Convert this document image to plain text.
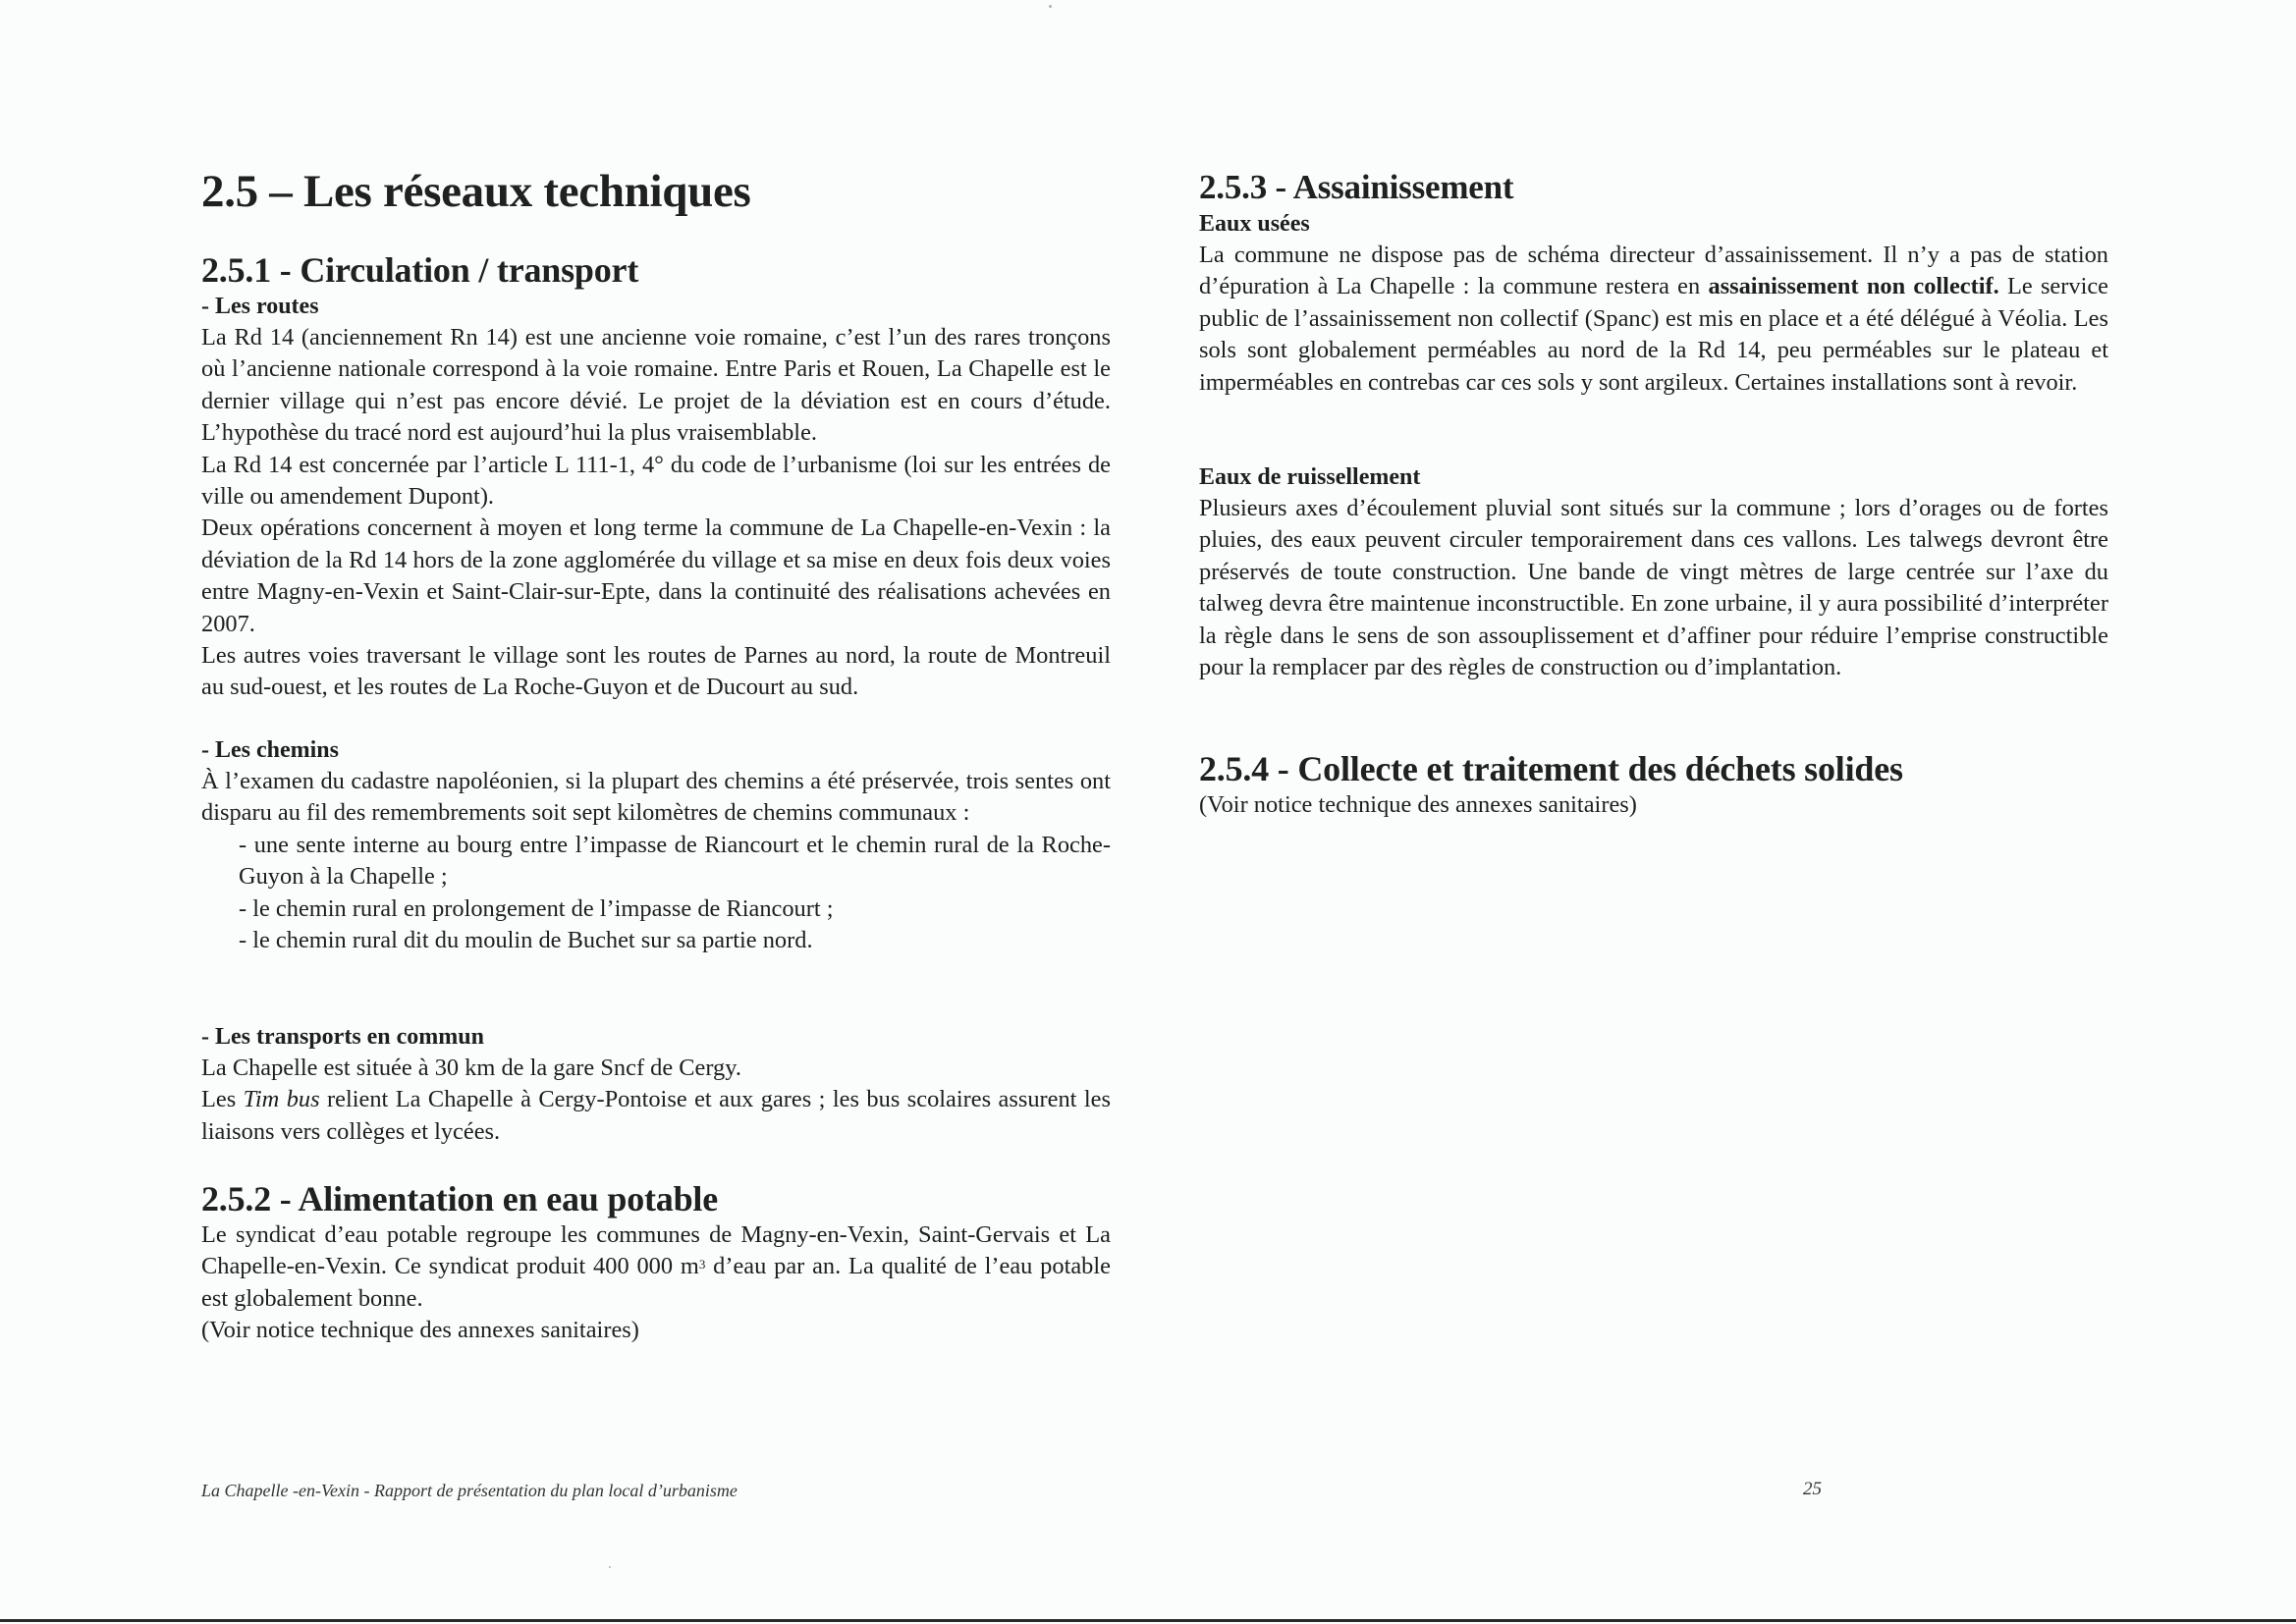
2.5 – Les réseaux techniques
2.5.1 - Circulation / transport
- Les routes

La Rd 14 (anciennement Rn 14) est une ancienne voie romaine, c’est l’un des rares tronçons où l’ancienne nationale correspond à la voie romaine. Entre Paris et Rouen, La Chapelle est le dernier village qui n’est pas encore dévié. Le projet de la déviation est en cours d’étude. L’hypothèse du tracé nord est aujourd’hui la plus vraisemblable.

La Rd 14 est concernée par l’article L 111-1, 4° du code de l’urbanisme (loi sur les entrées de ville ou amendement Dupont).

Deux opérations concernent à moyen et long terme la commune de La Chapelle-en-Vexin : la déviation de la Rd 14 hors de la zone agglomérée du village et sa mise en deux fois deux voies entre Magny-en-Vexin et Saint-Clair-sur-Epte, dans la continuité des réalisations achevées en 2007.

Les autres voies traversant le village sont les routes de Parnes au nord, la route de Montreuil au sud-ouest, et les routes de La Roche-Guyon et de Ducourt au sud.

- Les chemins

À l’examen du cadastre napoléonien, si la plupart des chemins a été préservée, trois sentes ont disparu au fil des remembrements soit sept kilomètres de chemins communaux :

- une sente interne au bourg entre l’impasse de Riancourt et le chemin rural de la Roche-Guyon à la Chapelle ;

- le chemin rural en prolongement de l’impasse de Riancourt ;

- le chemin rural dit du moulin de Buchet sur sa partie nord.

- Les transports en commun

La Chapelle est située à 30 km de la gare Sncf de Cergy.

Les Tim bus relient La Chapelle à Cergy-Pontoise et aux gares ; les bus scolaires assurent les liaisons vers collèges et lycées.

2.5.2 - Alimentation en eau potable

Le syndicat d’eau potable regroupe les communes de Magny-en-Vexin, Saint-Gervais et La Chapelle-en-Vexin. Ce syndicat produit 400 000 $m^3$ d’eau par an. La qualité de l’eau potable est globalement bonne.

(Voir notice technique des annexes sanitaires)

2.5.3 - Assainissement
Eaux usées

La commune ne dispose pas de schéma directeur d’assainissement. Il n’y a pas de station d’épuration à La Chapelle : la commune restera en assainissement non collectif. Le service public de l’assainissement non collectif (Spanc) est mis en place et a été délégué à Véolia. Les sols sont globalement perméables au nord de la Rd 14, peu perméables sur le plateau et imperméables en contrebas car ces sols y sont argileux. Certaines installations sont à revoir.

Eaux de ruissellement

Plusieurs axes d’écoulement pluvial sont situés sur la commune ; lors d’orages ou de fortes pluies, des eaux peuvent circuler temporairement dans ces vallons. Les talwegs devront être préservés de toute construction. Une bande de vingt mètres de large centrée sur l’axe du talweg devra être maintenue inconstructible. En zone urbaine, il y aura possibilité d’interpréter la règle dans le sens de son assouplissement et d’affiner pour réduire l’emprise constructible pour la remplacer par des règles de construction ou d’implantation.

2.5.4 - Collecte et traitement des déchets solides

(Voir notice technique des annexes sanitaires)

La Chapelle -en-Vexin - Rapport de présentation du plan local d’urbanisme	25
